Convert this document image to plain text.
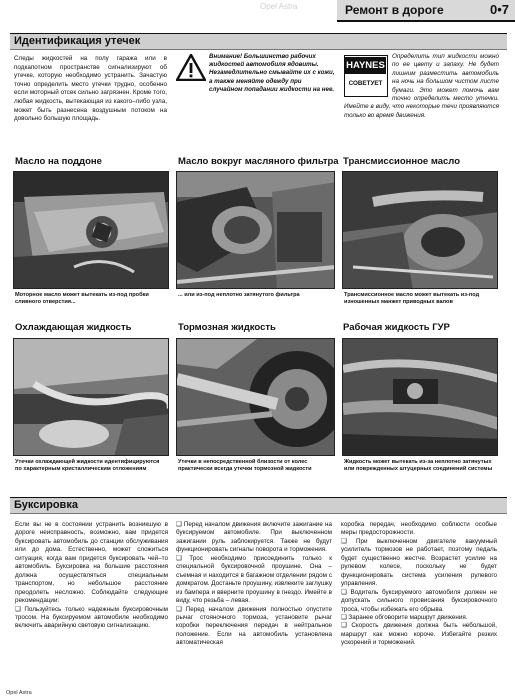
Opel Astra	Ремонт в дороге	0•7
Идентификация утечек
Следы жидкостей на полу гаража или в подкапотном пространстве сигнализируют об утечке, которую необходимо устранить. Зачастую точно определить место утечки трудно, особенно если моторный отсек сильно загрязнен. Кроме того, любая жидкость, вытекающая из какого–либо узла, может быть разнесена воздушным потоком на довольно большую площадь.
Внимание! Большинство рабочих жидкостей автомобиля ядовиты. Незамедлительно смывайте их с кожи, а также меняйте одежду при случайном попадании жидкости на нее.
HAYNES
СОВЕТУЕТ
Определить тип жидкости можно по ее цвету и запаху. Не будет лишним разместить автомобиль на ночь на большом чистом листе бумаги. Это может помочь вам точно определить место утечки. Имейте в виду, что некоторые течи проявляются только во время движения.
Масло на поддоне	Масло вокруг масляного фильтра Трансмиссионное масло
Моторное масло может вытекать из-под пробки сливного отверстия...
... или из-под неплотно затянутого фильтра	Трансмиссионное масло может вытекать из-под изношенных манжет приводных валов
Охлаждающая жидкость	Тормозная жидкость	Рабочая жидкость ГУР
Утечки охлаждающей жидкости идентифицируются по характерным кристаллическим отложениям
Утечки в непосредственной близости от колес практически всегда утечки тормозной жидкости
Жидкость может вытекать из-за неплотно затянутых или поврежденных штуцерных соединений системы
Буксировка

Если вы не в состоянии устранить возникшую в дороге неисправность, возможно, вам придется буксировать автомобиль до станции обслуживания или до дома. Естественно, может сложиться ситуация, когда вам придется буксировать чей–то автомобиль. Буксировка на большие расстояния должна осуществляться специальным транспортом, но небольшое расстояние преодолеть несложно. Соблюдайте следующие рекомендации:

❑ Пользуйтесь только надежным буксировочным тросом. На буксируемом автомобиле необходимо включить аварийную световую сигнализацию.

❑ Перед началом движения включите зажигание на буксируемом автомобиле. При выключенном зажигании руль заблокируется. Также не будут функционировать сигналы поворота и торможения.

❑ Трос необходимо присоединить только к специальной буксировочной проушине. Она – съемная и находится в багажном отделении рядом с домкратом. Достаньте проушину, извлеките заглушку из бампера и вверните проушину в гнездо. Имейте в виду, что резьба – левая.

❑ Перед началом движения полностью опустите рычаг стояночного тормоза, установите рычаг коробки переключения передач в нейтральное положение. Если на автомобиль установлена автоматическая

коробка передач, необходимо соблюсти особые меры предосторожности.

❑ При выключенном двигателе вакуумный усилитель тормозов не работает, поэтому педаль будет существенно жестче. Возрастет усилие на рулевом колесе, поскольку не будет функционировать система усиления рулевого управления.

❑ Водитель буксируемого автомобиля должен не допускать сильного провисания буксировочного троса, чтобы избежать его обрыва.

❑ Заранее обговорите маршрут движения.

❑ Скорость движения должна быть небольшой, маршрут как можно короче. Избегайте резких ускорений и торможений.

Opel Astra
